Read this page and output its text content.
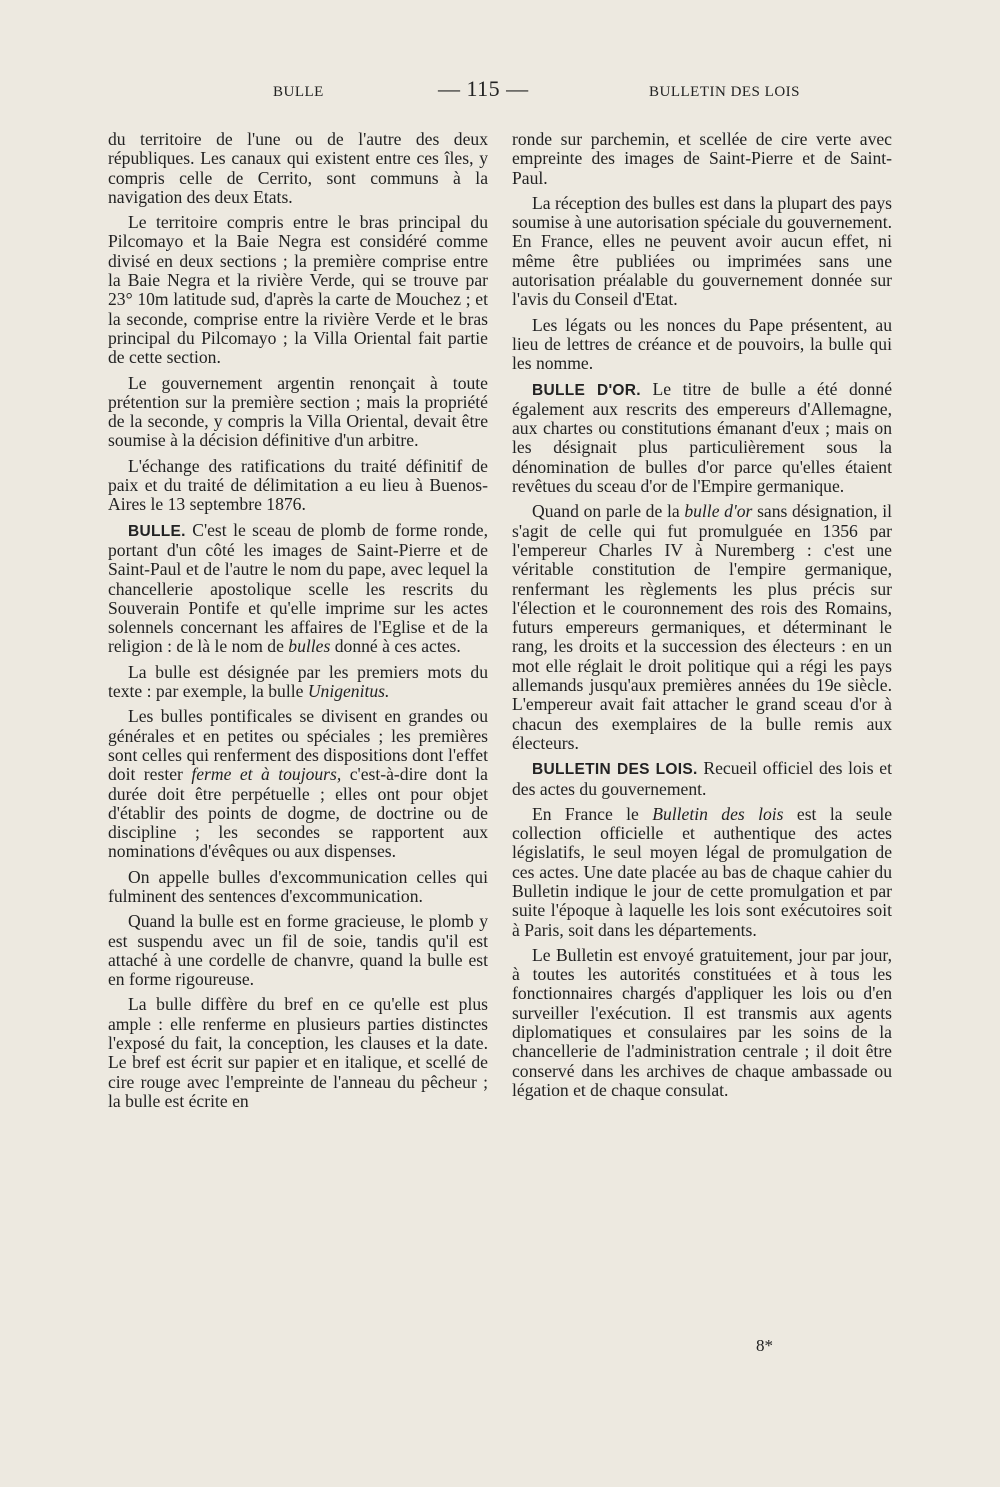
BULLE	— 115 —	BULLETIN DES LOIS

du territoire de l'une ou de l'autre des deux républiques. Les canaux qui existent entre ces îles, y compris celle de Cerrito, sont communs à la navigation des deux Etats.

Le territoire compris entre le bras principal du Pilcomayo et la Baie Negra est considéré comme divisé en deux sections ; la première comprise entre la Baie Negra et la rivière Verde, qui se trouve par 23° 10m latitude sud, d'après la carte de Mouchez ; et la seconde, comprise entre la rivière Verde et le bras principal du Pilcomayo ; la Villa Oriental fait partie de cette section.

Le gouvernement argentin renonçait à toute prétention sur la première section ; mais la propriété de la seconde, y compris la Villa Oriental, devait être soumise à la décision définitive d'un arbitre.

L'échange des ratifications du traité définitif de paix et du traité de délimitation a eu lieu à Buenos-Aires le 13 septembre 1876.

BULLE. C'est le sceau de plomb de forme ronde, portant d'un côté les images de Saint-Pierre et de Saint-Paul et de l'autre le nom du pape, avec lequel la chancellerie apostolique scelle les rescrits du Souverain Pontife et qu'elle imprime sur les actes solennels concernant les affaires de l'Eglise et de la religion : de là le nom de bulles donné à ces actes.

La bulle est désignée par les premiers mots du texte : par exemple, la bulle Unigenitus.

Les bulles pontificales se divisent en grandes ou générales et en petites ou spéciales ; les premières sont celles qui renferment des dispositions dont l'effet doit rester ferme et à toujours, c'est-à-dire dont la durée doit être perpétuelle ; elles ont pour objet d'établir des points de dogme, de doctrine ou de discipline ; les secondes se rapportent aux nominations d'évêques ou aux dispenses.

On appelle bulles d'excommunication celles qui fulminent des sentences d'excommunication.

Quand la bulle est en forme gracieuse, le plomb y est suspendu avec un fil de soie, tandis qu'il est attaché à une cordelle de chanvre, quand la bulle est en forme rigoureuse.

La bulle diffère du bref en ce qu'elle est plus ample : elle renferme en plusieurs parties distinctes l'exposé du fait, la conception, les clauses et la date. Le bref est écrit sur papier et en italique, et scellé de cire rouge avec l'empreinte de l'anneau du pêcheur ; la bulle est écrite en

ronde sur parchemin, et scellée de cire verte avec empreinte des images de Saint-Pierre et de Saint-Paul.

La réception des bulles est dans la plupart des pays soumise à une autorisation spéciale du gouvernement. En France, elles ne peuvent avoir aucun effet, ni même être publiées ou imprimées sans une autorisation préalable du gouvernement donnée sur l'avis du Conseil d'Etat.

Les légats ou les nonces du Pape présentent, au lieu de lettres de créance et de pouvoirs, la bulle qui les nomme.

BULLE D'OR. Le titre de bulle a été donné également aux rescrits des empereurs d'Allemagne, aux chartes ou constitutions émanant d'eux ; mais on les désignait plus particulièrement sous la dénomination de bulles d'or parce qu'elles étaient revêtues du sceau d'or de l'Empire germanique.

Quand on parle de la bulle d'or sans désignation, il s'agit de celle qui fut promulguée en 1356 par l'empereur Charles IV à Nuremberg : c'est une véritable constitution de l'empire germanique, renfermant les règlements les plus précis sur l'élection et le couronnement des rois des Romains, futurs empereurs germaniques, et déterminant le rang, les droits et la succession des électeurs : en un mot elle réglait le droit politique qui a régi les pays allemands jusqu'aux premières années du 19e siècle. L'empereur avait fait attacher le grand sceau d'or à chacun des exemplaires de la bulle remis aux électeurs.

BULLETIN DES LOIS. Recueil officiel des lois et des actes du gouvernement.

En France le Bulletin des lois est la seule collection officielle et authentique des actes législatifs, le seul moyen légal de promulgation de ces actes. Une date placée au bas de chaque cahier du Bulletin indique le jour de cette promulgation et par suite l'époque à laquelle les lois sont exécutoires soit à Paris, soit dans les départements.

Le Bulletin est envoyé gratuitement, jour par jour, à toutes les autorités constituées et à tous les fonctionnaires chargés d'appliquer les lois ou d'en surveiller l'exécution. Il est transmis aux agents diplomatiques et consulaires par les soins de la chancellerie de l'administration centrale ; il doit être conservé dans les archives de chaque ambassade ou légation et de chaque consulat.

8*
